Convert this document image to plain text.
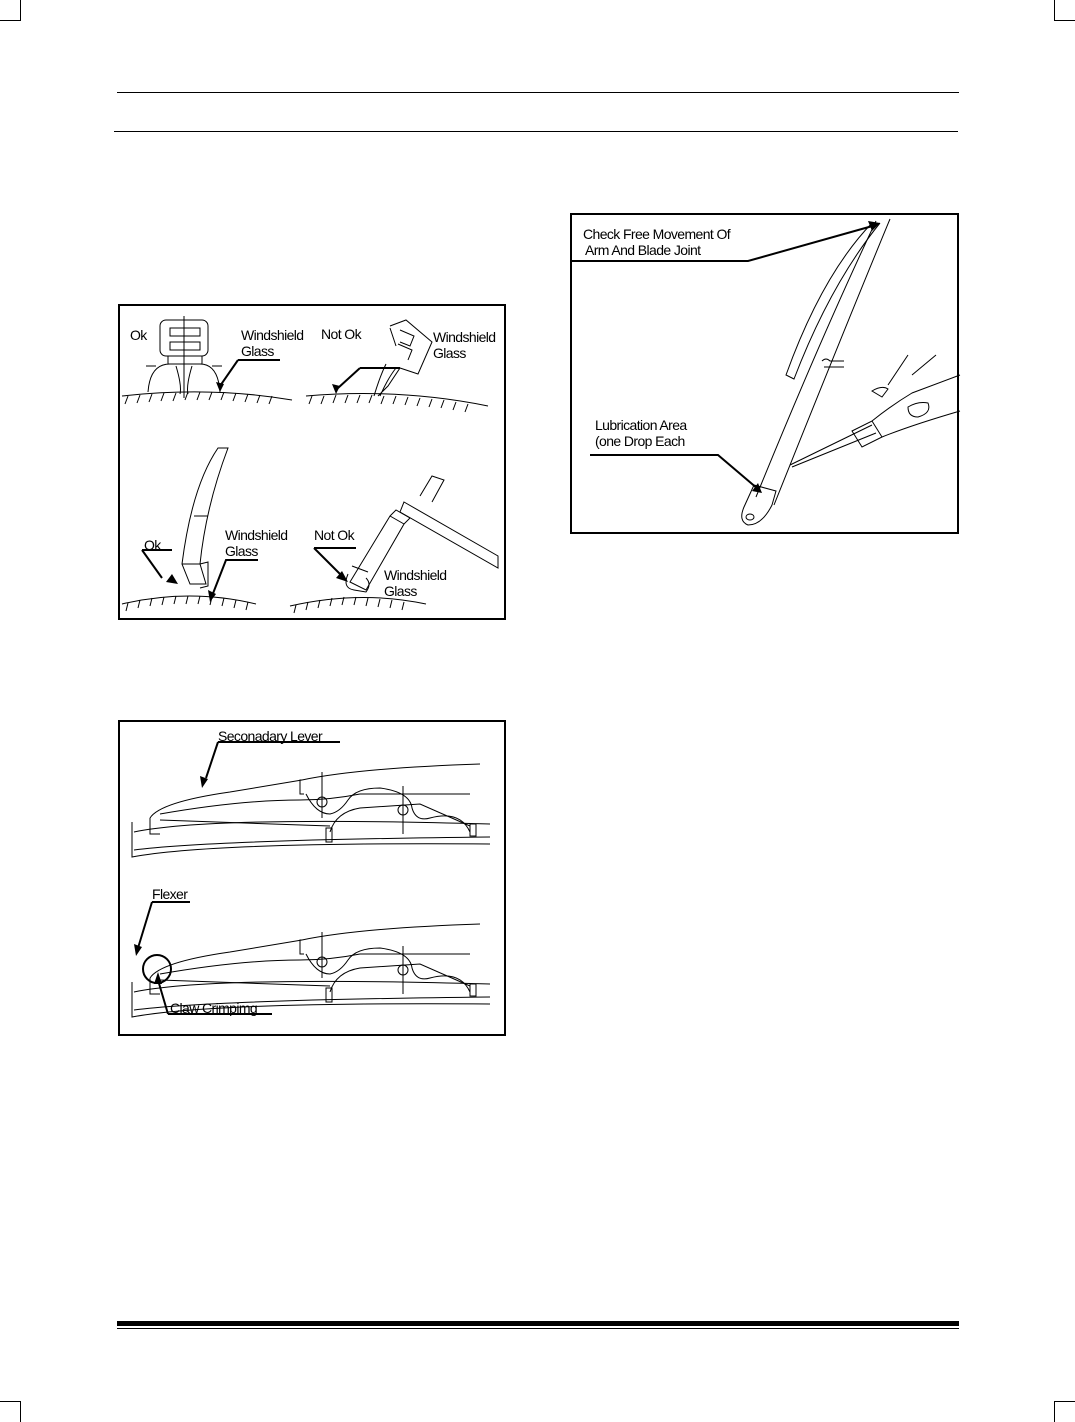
Ok	Windshield
Glass
Not Ok	Windshield
Glass
Ok
Windshield
Glass
Not Ok
Windshield
Glass
Seconadary Lever
Flexer
Claw Crimpimg
Check Free Movement Of
Arm And Blade Joint
Lubrication Area
(one Drop Each
